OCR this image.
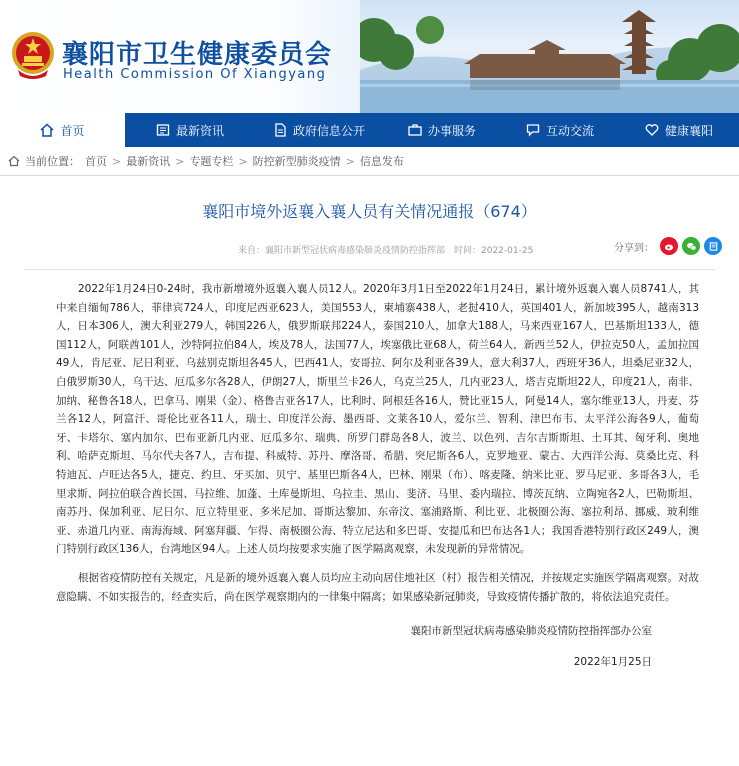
襄阳市卫生健康委员会
Health Commission Of Xiangyang
首页	最新资讯	政府信息公开	办事服务	互动交流	健康襄阳
当前位置： 首页 > 最新资讯 > 专题专栏 > 防控新型肺炎疫情 > 信息发布
襄阳市境外返襄入襄人员有关情况通报（674）
来自：襄阳市新型冠状病毒感染肺炎疫情防控指挥部　时间：2022-01-25	分享到：

2022年1月24日0-24时，我市新增境外返襄入襄人员12人。2020年3月1日至2022年1月24日，累计境外返襄入襄人员8741人，其中来自缅甸786人，菲律宾724人，印度尼西亚623人，美国553人，柬埔寨438人，老挝410人，英国401人，新加坡395人，越南313人，日本306人，澳大利亚279人，韩国226人，俄罗斯联邦224人，泰国210人，加拿大188人，马来西亚167人，巴基斯坦133人，德国112人，阿联酋101人，沙特阿拉伯84人，埃及78人，法国77人，埃塞俄比亚68人，荷兰64人，新西兰52人，伊拉克50人，孟加拉国49人，肯尼亚、尼日利亚、乌兹别克斯坦各45人，巴西41人，安哥拉、阿尔及利亚各39人，意大利37人，西班牙36人，坦桑尼亚32人，白俄罗斯30人，乌干达、厄瓜多尔各28人，伊朗27人，斯里兰卡26人，乌克兰25人，几内亚23人，塔吉克斯坦22人，印度21人，南非、加纳、秘鲁各18人，巴拿马、刚果（金）、格鲁吉亚各17人，比利时、阿根廷各16人，赞比亚15人，阿曼14人，塞尔维亚13人，丹麦、芬兰各12人，阿富汗、哥伦比亚各11人，瑞士、印度洋公海、墨西哥、文莱各10人，爱尔兰、智利、津巴布韦、太平洋公海各9人，葡萄牙、卡塔尔、塞内加尔、巴布亚新几内亚、厄瓜多尔、瑞典、所罗门群岛各8人，波兰、以色列、吉尔吉斯斯坦、土耳其、匈牙利、奥地利、哈萨克斯坦、马尔代夫各7人，吉布提、科威特、苏丹、摩洛哥、希腊、突尼斯各6人，克罗地亚、蒙古、大西洋公海、莫桑比克、科特迪瓦、卢旺达各5人，捷克、约旦、牙买加、贝宁、基里巴斯各4人，巴林、刚果（布）、喀麦隆、纳米比亚、罗马尼亚、多哥各3人，毛里求斯、阿拉伯联合酋长国、马拉维、加蓬、土库曼斯坦、乌拉圭、黑山、斐济、马里、委内瑞拉、博茨瓦纳、立陶宛各2人，巴勒斯坦、南苏丹、保加利亚、尼日尔、厄立特里亚、多米尼加、哥斯达黎加、东帝汶、塞浦路斯、利比亚、北极圈公海、塞拉利昂、挪威、玻利维亚、赤道几内亚、南海海域、阿塞拜疆、乍得、南极圈公海、特立尼达和多巴哥、安提瓜和巴布达各1人；我国香港特别行政区249人，澳门特别行政区136人，台湾地区94人。上述人员均按要求实施了医学隔离观察，未发现新的异常情况。

根据省疫情防控有关规定，凡是新的境外返襄入襄人员均应主动向居住地社区（村）报告相关情况，并按规定实施医学隔离观察。对故意隐瞒、不如实报告的，经查实后，尚在医学观察期内的一律集中隔离；如果感染新冠肺炎，导致疫情传播扩散的，将依法追究责任。

襄阳市新型冠状病毒感染肺炎疫情防控指挥部办公室
2022年1月25日
